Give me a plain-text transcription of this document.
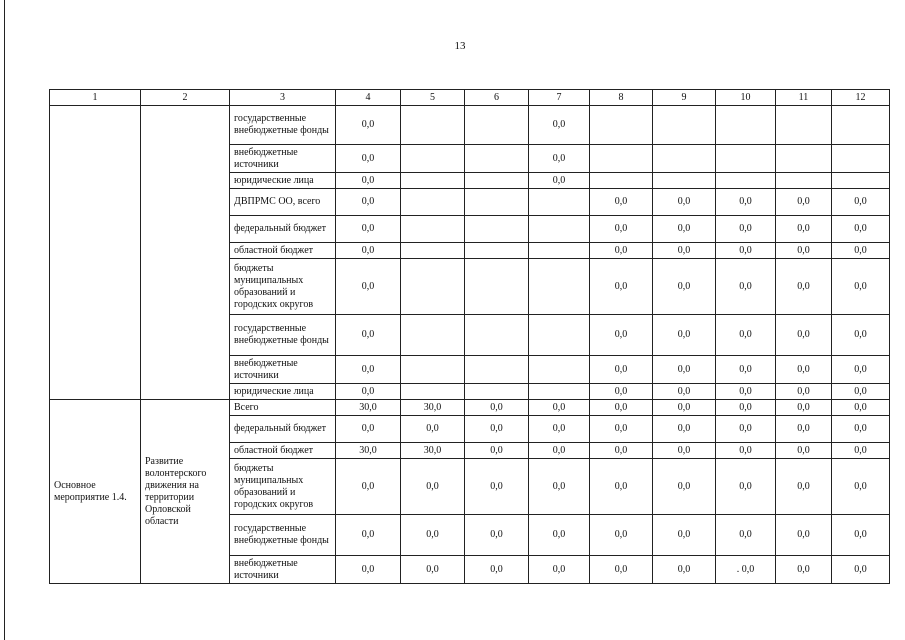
13
1	2	3	4	5	6	7	8	9	10	11	12
		государственные внебюджетные фонды	0,0			0,0					
		внебюджетные источники	0,0			0,0					
		юридические лица	0,0			0,0					
		ДВПРМС ОО, всего	0,0				0,0	0,0	0,0	0,0	0,0
		федеральный бюджет	0,0				0,0	0,0	0,0	0,0	0,0
		областной бюджет	0,0				0,0	0,0	0,0	0,0	0,0
		бюджеты муниципальных образований и городских округов	0,0				0,0	0,0	0,0	0,0	0,0
		государственные внебюджетные фонды	0,0				0,0	0,0	0,0	0,0	0,0
		внебюджетные источники	0,0				0,0	0,0	0,0	0,0	0,0
		юридические лица	0,0				0,0	0,0	0,0	0,0	0,0
Основное мероприятие 1.4.	Развитие волонтерского движения на территории Орловской области	Всего	30,0	30,0	0,0	0,0	0,0	0,0	0,0	0,0	0,0
		федеральный бюджет	0,0	0,0	0,0	0,0	0,0	0,0	0,0	0,0	0,0
		областной бюджет	30,0	30,0	0,0	0,0	0,0	0,0	0,0	0,0	0,0
		бюджеты муниципальных образований и городских округов	0,0	0,0	0,0	0,0	0,0	0,0	0,0	0,0	0,0
		государственные внебюджетные фонды	0,0	0,0	0,0	0,0	0,0	0,0	0,0	0,0	0,0
		внебюджетные источники	0,0	0,0	0,0	0,0	0,0	0,0	. 0,0	0,0	0,0
